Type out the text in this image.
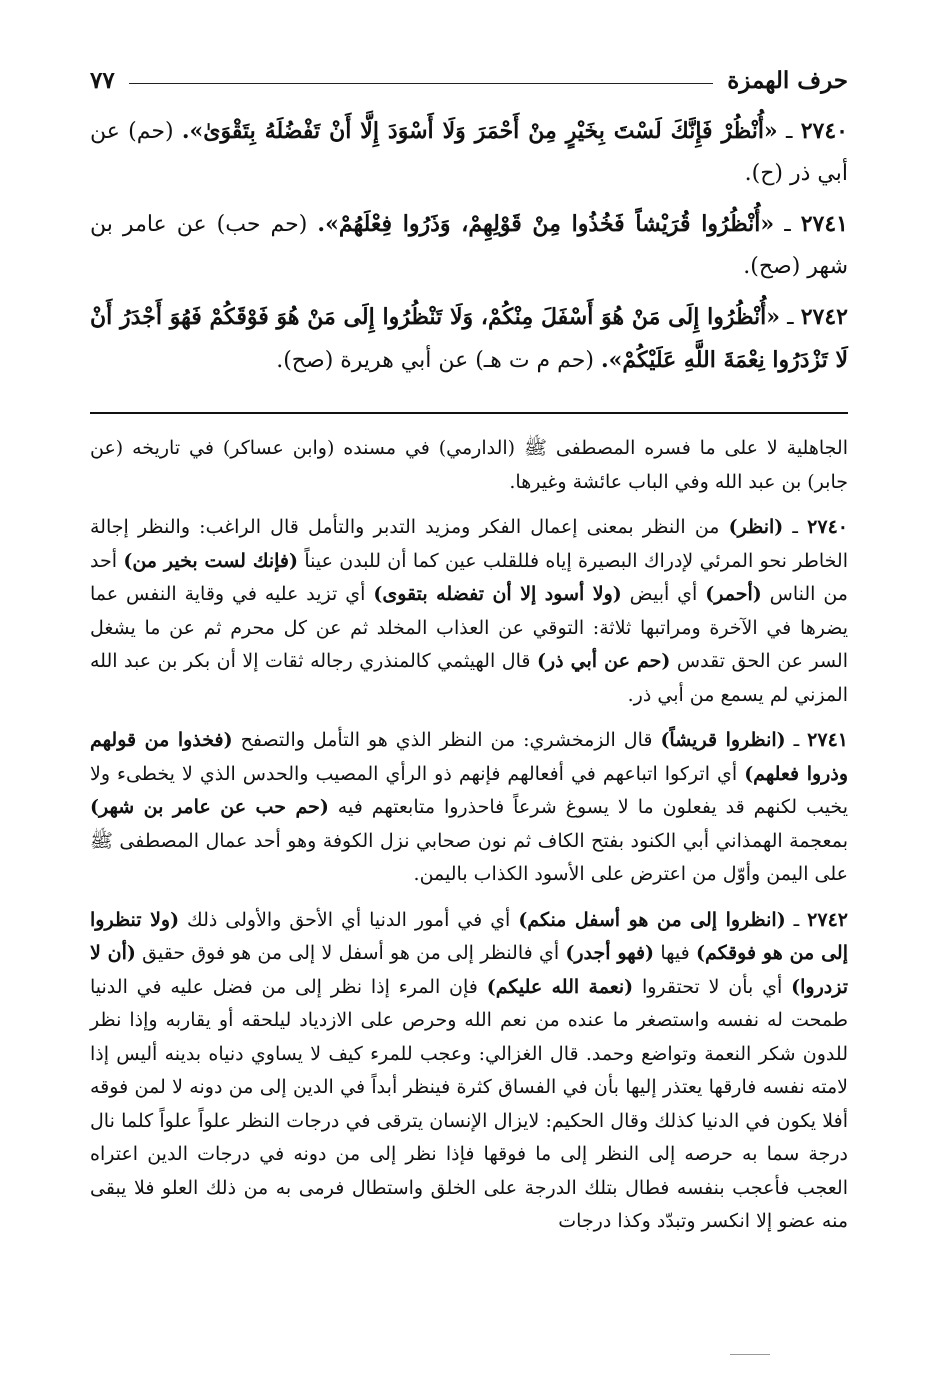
حرف الهمزة
٧٧

٢٧٤٠ ـ «أُنْظُرْ فَإِنَّكَ لَسْتَ بِخَيْرٍ مِنْ أَحْمَرَ وَلَا أَسْوَدَ إِلَّا أَنْ تَفْضُلَهُ بِتَقْوَىٰ». (حم) عن أبي ذر (ح).

٢٧٤١ ـ «أُنْظُرُوا قُرَيْشاً فَخُذُوا مِنْ قَوْلِهِمْ، وَذَرُوا فِعْلَهُمْ». (حم حب) عن عامر بن شهر (صح).

٢٧٤٢ ـ «أُنْظُرُوا إِلَى مَنْ هُوَ أَسْفَلَ مِنْكُمْ، وَلَا تَنْظُرُوا إِلَى مَنْ هُوَ فَوْقَكُمْ فَهُوَ أَجْدَرُ أَنْ لَا تَزْدَرُوا نِعْمَةَ اللَّهِ عَلَيْكُمْ». (حم م ت هـ) عن أبي هريرة (صح).

الجاهلية لا على ما فسره المصطفى ﷺ (الدارمي) في مسنده (وابن عساكر) في تاريخه (عن جابر) بن عبد الله وفي الباب عائشة وغيرها.

٢٧٤٠ ـ (انظر) من النظر بمعنى إعمال الفكر ومزيد التدبر والتأمل قال الراغب: والنظر إجالة الخاطر نحو المرئي لإدراك البصيرة إياه فللقلب عين كما أن للبدن عيناً (فإنك لست بخير من) أحد من الناس (أحمر) أي أبيض (ولا أسود إلا أن تفضله بتقوى) أي تزيد عليه في وقاية النفس عما يضرها في الآخرة ومراتبها ثلاثة: التوقي عن العذاب المخلد ثم عن كل محرم ثم عن ما يشغل السر عن الحق تقدس (حم عن أبي ذر) قال الهيثمي كالمنذري رجاله ثقات إلا أن بكر بن عبد الله المزني لم يسمع من أبي ذر.

٢٧٤١ ـ (انظروا قريشاً) قال الزمخشري: من النظر الذي هو التأمل والتصفح (فخذوا من قولهم وذروا فعلهم) أي اتركوا اتباعهم في أفعالهم فإنهم ذو الرأي المصيب والحدس الذي لا يخطىء ولا يخيب لكنهم قد يفعلون ما لا يسوغ شرعاً فاحذروا متابعتهم فيه (حم حب عن عامر بن شهر) بمعجمة الهمذاني أبي الكنود بفتح الكاف ثم نون صحابي نزل الكوفة وهو أحد عمال المصطفى ﷺ على اليمن وأوّل من اعترض على الأسود الكذاب باليمن.

٢٧٤٢ ـ (انظروا إلى من هو أسفل منكم) أي في أمور الدنيا أي الأحق والأولى ذلك (ولا تنظروا إلى من هو فوقكم) فيها (فهو أجدر) أي فالنظر إلى من هو أسفل لا إلى من هو فوق حقيق (أن لا تزدروا) أي بأن لا تحتقروا (نعمة الله عليكم) فإن المرء إذا نظر إلى من فضل عليه في الدنيا طمحت له نفسه واستصغر ما عنده من نعم الله وحرص على الازدياد ليلحقه أو يقاربه وإذا نظر للدون شكر النعمة وتواضع وحمد. قال الغزالي: وعجب للمرء كيف لا يساوي دنياه بدينه أليس إذا لامته نفسه فارقها يعتذر إليها بأن في الفساق كثرة فينظر أبداً في الدين إلى من دونه لا لمن فوقه أفلا يكون في الدنيا كذلك وقال الحكيم: لايزال الإنسان يترقى في درجات النظر علواً علواً كلما نال درجة سما به حرصه إلى النظر إلى ما فوقها فإذا نظر إلى من دونه في درجات الدين اعتراه العجب فأعجب بنفسه فطال بتلك الدرجة على الخلق واستطال فرمى به من ذلك العلو فلا يبقى منه عضو إلا انكسر وتبدّد وكذا درجات
